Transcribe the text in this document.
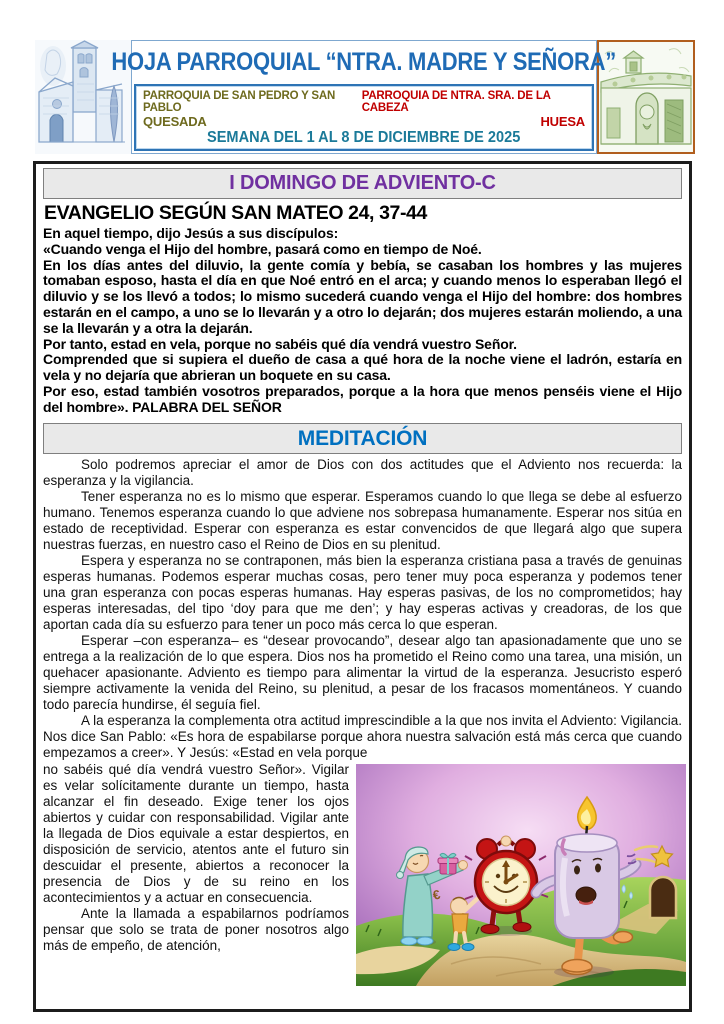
HOJA PARROQUIAL “NTRA. MADRE Y SEÑORA”
PARROQUIA DE SAN PEDRO Y SAN PABLO
PARROQUIA DE NTRA. SRA. DE LA CABEZA
QUESADA	HUESA
SEMANA DEL 1 AL 8 DE DICIEMBRE DE 2025
I DOMINGO DE ADVIENTO-C
EVANGELIO SEGÚN SAN MATEO 24, 37-44

En aquel tiempo, dijo Jesús a sus discípulos:

«Cuando venga el Hijo del hombre, pasará como en tiempo de Noé.

En los días antes del diluvio, la gente comía y bebía, se casaban los hombres y las mujeres tomaban esposo, hasta el día en que Noé entró en el arca; y cuando menos lo esperaban llegó el diluvio y se los llevó a todos; lo mismo sucederá cuando venga el Hijo del hombre: dos hombres estarán en el campo, a uno se lo llevarán y a otro lo dejarán; dos mujeres estarán moliendo, a una se la llevarán y a otra la dejarán.

Por tanto, estad en vela, porque no sabéis qué día vendrá vuestro Señor.

Comprended que si supiera el dueño de casa a qué hora de la noche viene el ladrón, estaría en vela y no dejaría que abrieran un boquete en su casa.

Por eso, estad también vosotros preparados, porque a la hora que menos penséis viene el Hijo del hombre». PALABRA DEL SEÑOR

MEDITACIÓN

Solo podremos apreciar el amor de Dios con dos actitudes que el Adviento nos recuerda: la esperanza y la vigilancia.

Tener esperanza no es lo mismo que esperar. Esperamos cuando lo que llega se debe al esfuerzo humano. Tenemos esperanza cuando lo que adviene nos sobrepasa humanamente. Esperar nos sitúa en estado de receptividad. Esperar con esperanza es estar convencidos de que llegará algo que supera nuestras fuerzas, en nuestro caso el Reino de Dios en su plenitud.

Espera y esperanza no se contraponen, más bien la esperanza cristiana pasa a través de genuinas esperas humanas. Podemos esperar muchas cosas, pero tener muy poca esperanza y podemos tener una gran esperanza con pocas esperas humanas. Hay esperas pasivas, de los no comprometidos; hay esperas interesadas, del tipo ‘doy para que me den’; y hay esperas activas y creadoras, de los que aportan cada día su esfuerzo para tener un poco más cerca lo que esperan.

Esperar –con esperanza– es “desear provocando”, desear algo tan apasionadamente que uno se entrega a la realización de lo que espera. Dios nos ha prometido el Reino como una tarea, una misión, un quehacer apasionante. Adviento es tiempo para alimentar la virtud de la esperanza. Jesucristo esperó siempre activamente la venida del Reino, su plenitud, a pesar de los fracasos momentáneos. Y cuando todo parecía hundirse, él seguía fiel.

A la esperanza la complementa otra actitud imprescindible a la que nos invita el Adviento: Vigilancia. Nos dice San Pablo: «Es hora de espabilarse porque ahora nuestra salvación está más cerca que cuando empezamos a creer». Y Jesús: «Estad en vela porque

no sabéis qué día vendrá vuestro Señor». Vigilar es velar solícitamente durante un tiempo, hasta alcanzar el fin deseado. Exige tener los ojos abiertos y cuidar con responsabilidad. Vigilar ante la llegada de Dios equivale a estar despiertos, en disposición de servicio, atentos ante el futuro sin descuidar el presente, abiertos a reconocer la presencia de Dios y de su reino en los acontecimientos y a actuar en consecuencia.

Ante la llamada a espabilarnos podríamos pensar que solo se trata de poner nosotros algo más de empeño, de atención,

€
